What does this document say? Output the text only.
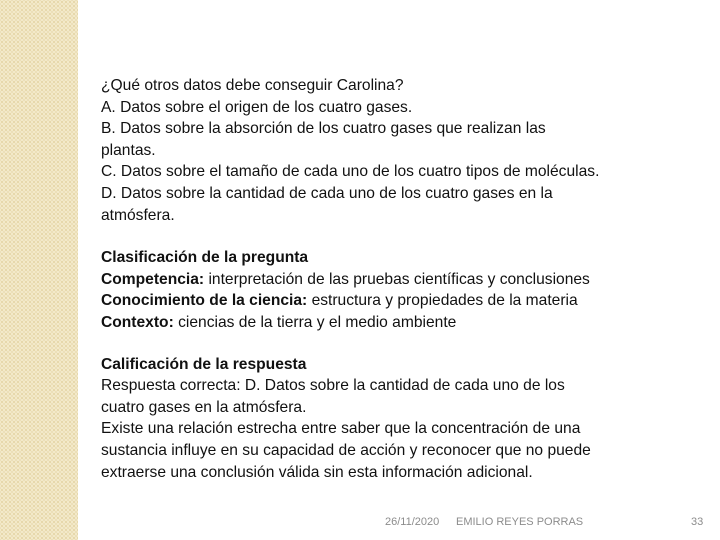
¿Qué otros datos debe conseguir Carolina?

A. Datos sobre el origen de los cuatro gases.

B. Datos sobre la absorción de los cuatro gases que realizan las

plantas.

C. Datos sobre el tamaño de cada uno de los cuatro tipos de moléculas.

D. Datos sobre la cantidad de cada uno de los cuatro gases en la

atmósfera.

Clasificación de la pregunta

Competencia: interpretación de las pruebas científicas y conclusiones

Conocimiento de la ciencia: estructura y propiedades de la materia

Contexto: ciencias de la tierra y el medio ambiente

Calificación de la respuesta

Respuesta correcta: D. Datos sobre la cantidad de cada uno de los

cuatro gases en la atmósfera.

Existe una relación estrecha entre saber que la concentración de una

sustancia influye en su capacidad de acción y reconocer que no puede

extraerse una conclusión válida sin esta información adicional.

26/11/2020 EMILIO REYES PORRAS	33
